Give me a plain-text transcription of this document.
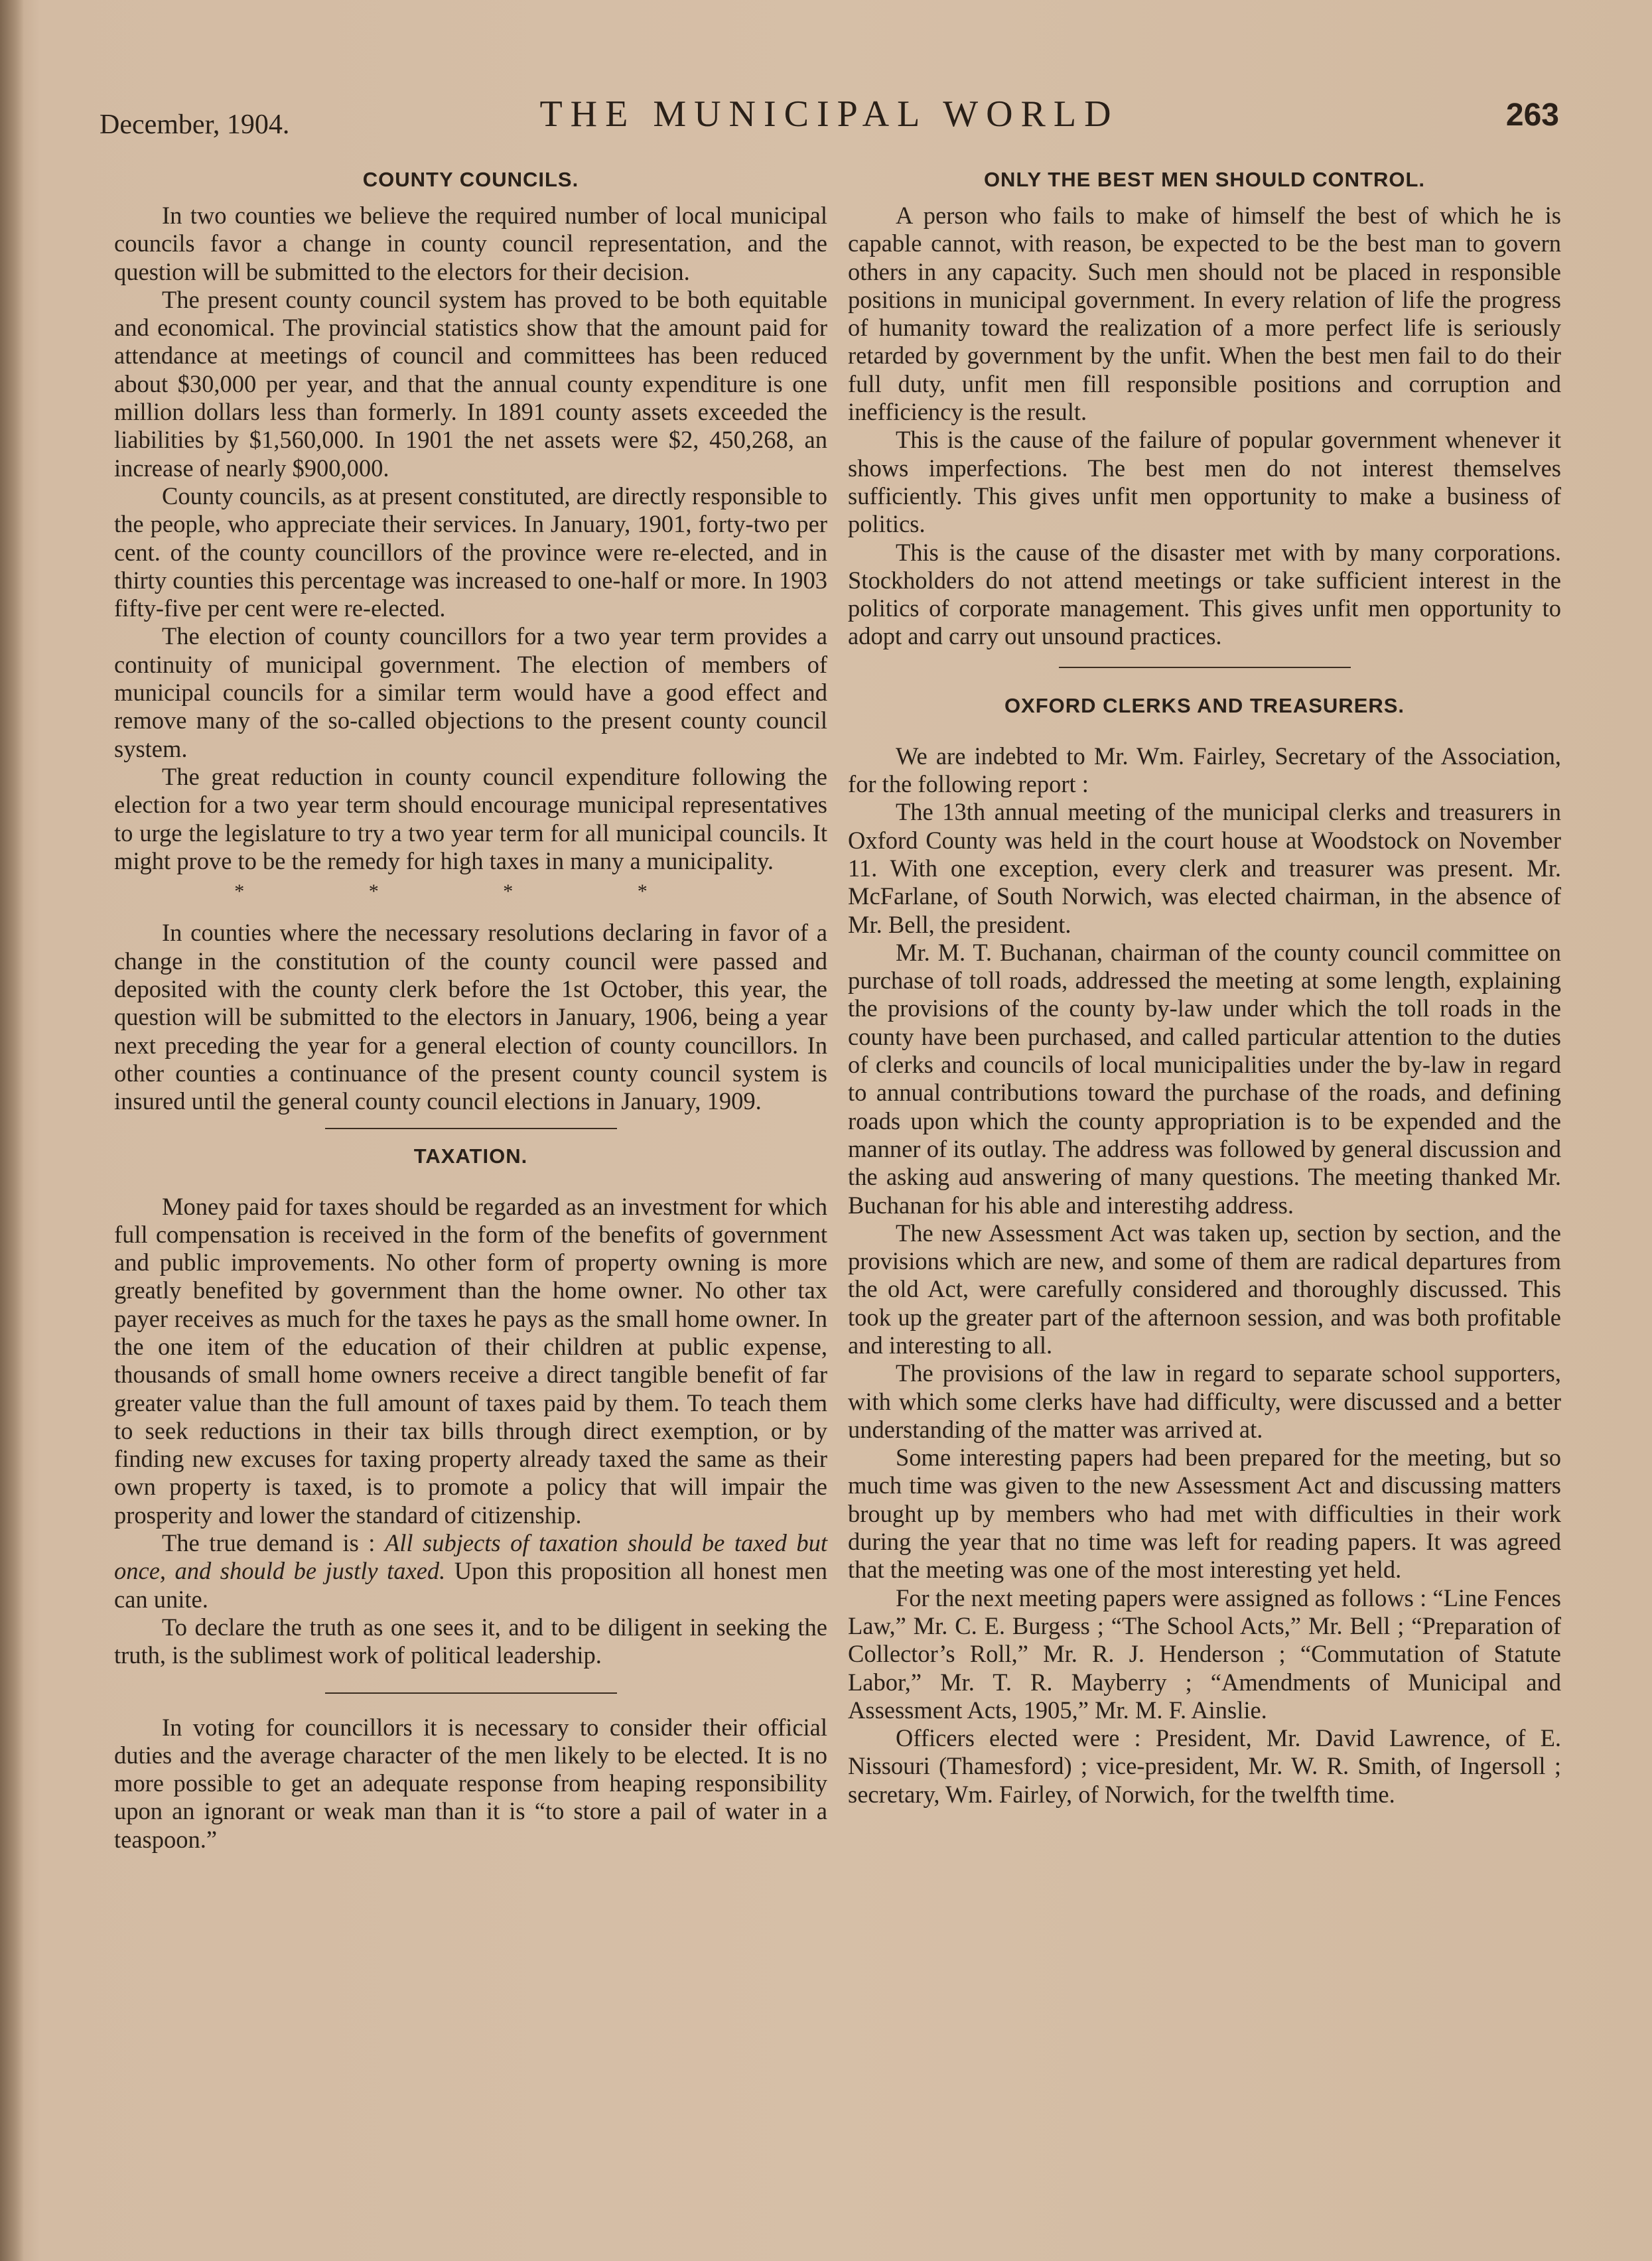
December, 1904.	THE MUNICIPAL WORLD	263
COUNTY COUNCILS.

In two counties we believe the required number of local municipal councils favor a change in county council representation, and the question will be submitted to the electors for their decision.

The present county council system has proved to be both equitable and economical. The provincial statistics show that the amount paid for attendance at meetings of council and committees has been reduced about $30,000 per year, and that the annual county expenditure is one million dollars less than formerly. In 1891 county assets exceeded the liabilities by $1,560,000. In 1901 the net assets were $2, 450,268, an increase of nearly $900,000.

County councils, as at present constituted, are directly responsible to the people, who appreciate their services. In January, 1901, forty-two per cent. of the county councillors of the province were re-elected, and in thirty counties this percentage was increased to one-half or more. In 1903 fifty-five per cent were re-elected.

The election of county councillors for a two year term provides a continuity of municipal government. The election of members of municipal councils for a similar term would have a good effect and remove many of the so-called objections to the present county council system.

The great reduction in county council expenditure following the election for a two year term should encourage municipal representatives to urge the legislature to try a two year term for all municipal councils. It might prove to be the remedy for high taxes in many a municipality.

* * * *

In counties where the necessary resolutions declaring in favor of a change in the constitution of the county council were passed and deposited with the county clerk before the 1st October, this year, the question will be submitted to the electors in January, 1906, being a year next preceding the year for a general election of county councillors. In other counties a continuance of the present county council system is insured until the general county council elections in January, 1909.

TAXATION.

Money paid for taxes should be regarded as an investment for which full compensation is received in the form of the benefits of government and public improvements. No other form of property owning is more greatly benefited by government than the home owner. No other tax payer receives as much for the taxes he pays as the small home owner. In the one item of the education of their children at public expense, thousands of small home owners receive a direct tangible benefit of far greater value than the full amount of taxes paid by them. To teach them to seek reductions in their tax bills through direct exemption, or by finding new excuses for taxing property already taxed the same as their own property is taxed, is to promote a policy that will impair the prosperity and lower the standard of citizenship.

The true demand is : All subjects of taxation should be taxed but once, and should be justly taxed. Upon this proposition all honest men can unite.

To declare the truth as one sees it, and to be diligent in seeking the truth, is the sublimest work of political leadership.

In voting for councillors it is necessary to consider their official duties and the average character of the men likely to be elected. It is no more possible to get an adequate response from heaping responsibility upon an ignorant or weak man than it is “to store a pail of water in a teaspoon.”

ONLY THE BEST MEN SHOULD CONTROL.

A person who fails to make of himself the best of which he is capable cannot, with reason, be expected to be the best man to govern others in any capacity. Such men should not be placed in responsible positions in municipal government. In every relation of life the progress of humanity toward the realization of a more perfect life is seriously retarded by government by the unfit. When the best men fail to do their full duty, unfit men fill responsible positions and corruption and inefficiency is the result.

This is the cause of the failure of popular government whenever it shows imperfections. The best men do not interest themselves sufficiently. This gives unfit men opportunity to make a business of politics.

This is the cause of the disaster met with by many corporations. Stockholders do not attend meetings or take sufficient interest in the politics of corporate management. This gives unfit men opportunity to adopt and carry out unsound practices.

OXFORD CLERKS AND TREASURERS.

We are indebted to Mr. Wm. Fairley, Secretary of the Association, for the following report :

The 13th annual meeting of the municipal clerks and treasurers in Oxford County was held in the court house at Woodstock on November 11. With one exception, every clerk and treasurer was present. Mr. McFarlane, of South Norwich, was elected chairman, in the absence of Mr. Bell, the president.

Mr. M. T. Buchanan, chairman of the county council committee on purchase of toll roads, addressed the meeting at some length, explaining the provisions of the county by-law under which the toll roads in the county have been purchased, and called particular attention to the duties of clerks and councils of local municipalities under the by-law in regard to annual contributions toward the purchase of the roads, and defining roads upon which the county appropriation is to be expended and the manner of its outlay. The address was followed by general discussion and the asking aud answering of many questions. The meeting thanked Mr. Buchanan for his able and interestihg address.

The new Assessment Act was taken up, section by section, and the provisions which are new, and some of them are radical departures from the old Act, were carefully considered and thoroughly discussed. This took up the greater part of the afternoon session, and was both profitable and interesting to all.

The provisions of the law in regard to separate school supporters, with which some clerks have had difficulty, were discussed and a better understanding of the matter was arrived at.

Some interesting papers had been prepared for the meeting, but so much time was given to the new Assessment Act and discussing matters brought up by members who had met with difficulties in their work during the year that no time was left for reading papers. It was agreed that the meeting was one of the most interesting yet held.

For the next meeting papers were assigned as follows : “Line Fences Law,” Mr. C. E. Burgess ; “The School Acts,” Mr. Bell ; “Preparation of Collector’s Roll,” Mr. R. J. Henderson ; “Commutation of Statute Labor,” Mr. T. R. Mayberry ; “Amendments of Municipal and Assessment Acts, 1905,” Mr. M. F. Ainslie.

Officers elected were : President, Mr. David Lawrence, of E. Nissouri (Thamesford) ; vice-president, Mr. W. R. Smith, of Ingersoll ; secretary, Wm. Fairley, of Norwich, for the twelfth time.
